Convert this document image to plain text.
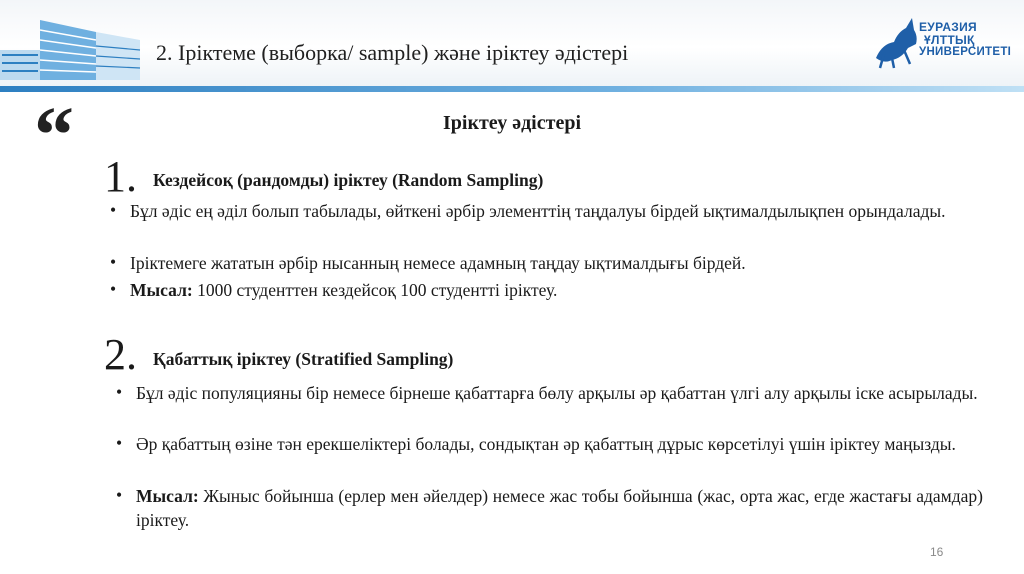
2. Іріктеме (выборка/ sample) және іріктеу әдістері
ЕУРАЗИЯ
ҰЛТТЫҚ
УНИВЕРСИТЕТІ
“	Іріктеу әдістері
1. Кездейсоқ (рандомды) іріктеу (Random Sampling)
• Бұл әдіс ең әділ болып табылады, өйткені әрбір элементтің таңдалуы бірдей ықтималдылықпен орындалады.
• Іріктемеге жататын әрбір нысанның немесе адамның таңдау ықтималдығы бірдей.
• Мысал: 1000 студенттен кездейсоқ 100 студентті іріктеу.
2. Қабаттық іріктеу (Stratified Sampling)
• Бұл әдіс популяцияны бір немесе бірнеше қабаттарға бөлу арқылы әр қабаттан үлгі алу арқылы іске асырылады.
• Әр қабаттың өзіне тән ерекшеліктері болады, сондықтан әр қабаттың дұрыс көрсетілуі үшін іріктеу маңызды.
• Мысал: Жыныс бойынша (ерлер мен әйелдер) немесе жас тобы бойынша (жас, орта жас, егде жастағы адамдар) іріктеу.
16
